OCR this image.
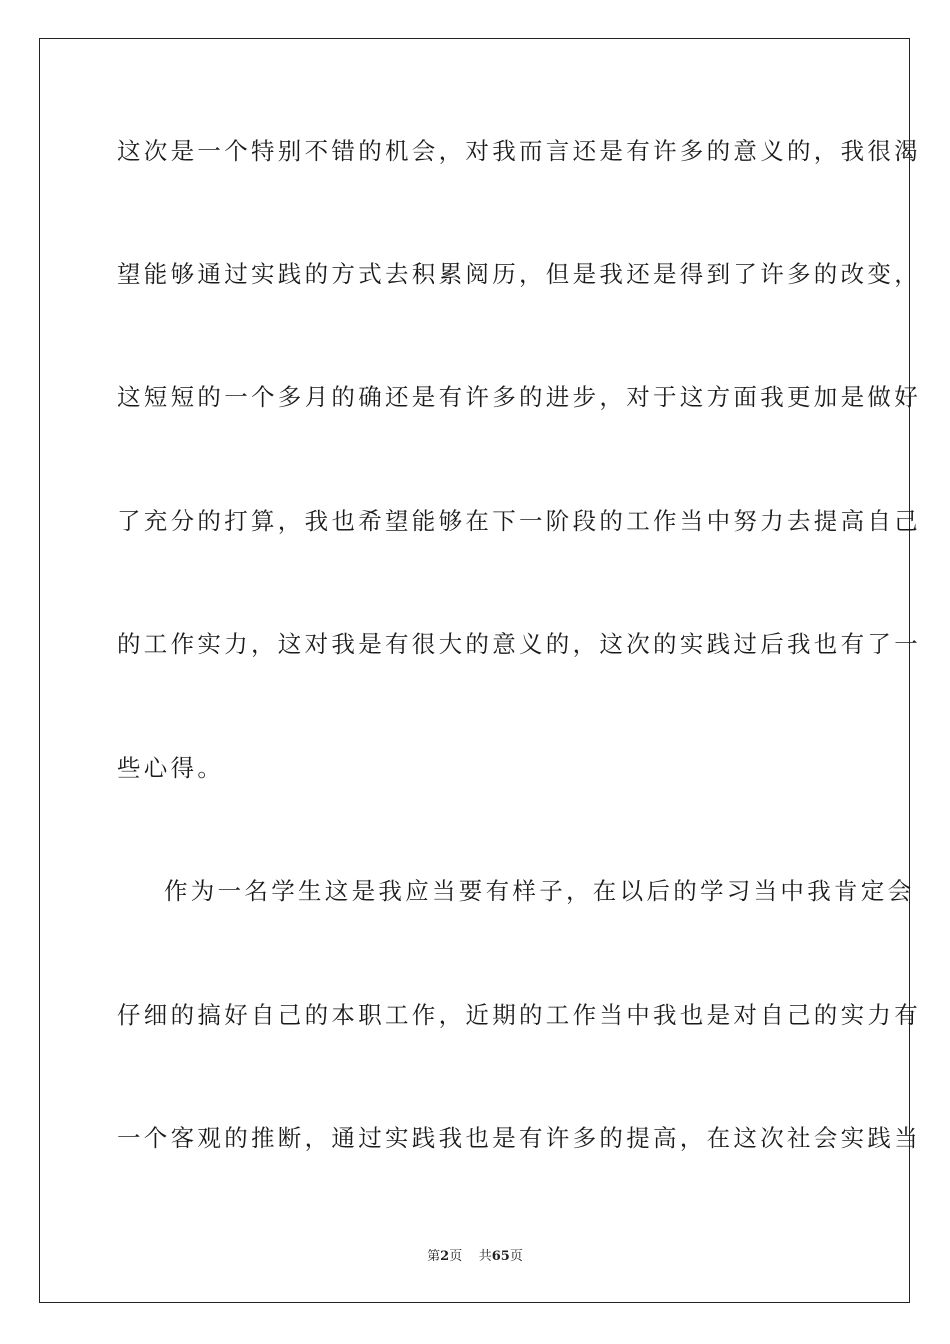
这次是一个特别不错的机会，对我而言还是有许多的意义的，我很渴
望能够通过实践的方式去积累阅历，但是我还是得到了许多的改变，
这短短的一个多月的确还是有许多的进步，对于这方面我更加是做好
了充分的打算，我也希望能够在下一阶段的工作当中努力去提高自己
的工作实力，这对我是有很大的意义的，这次的实践过后我也有了一
些心得。
作为一名学生这是我应当要有样子，在以后的学习当中我肯定会
仔细的搞好自己的本职工作，近期的工作当中我也是对自己的实力有
一个客观的推断，通过实践我也是有许多的提高，在这次社会实践当
第2页 共65页
